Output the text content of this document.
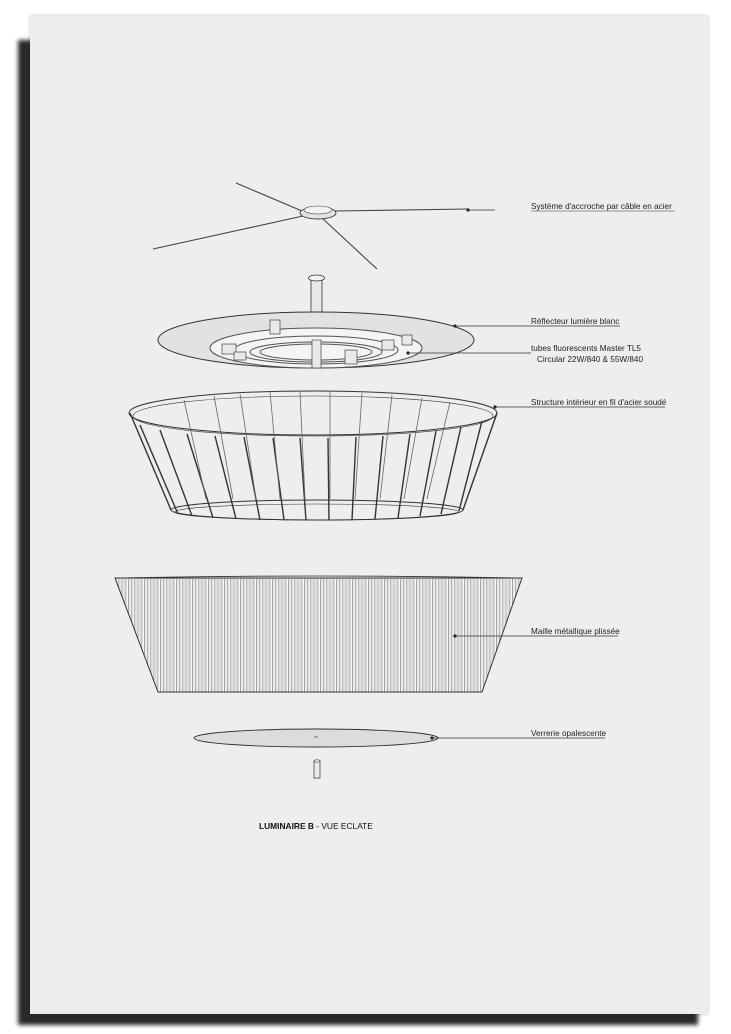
Système d'accroche par câble en acier
Réflecteur lumière blanc
tubes fluorescents Master TL5
Circular 22W/840 & 55W/840
Structure intérieur en fil d'acier soudé
Maille métallique plissée
Verrerie opalescente
LUMINAIRE B - VUE ECLATE
